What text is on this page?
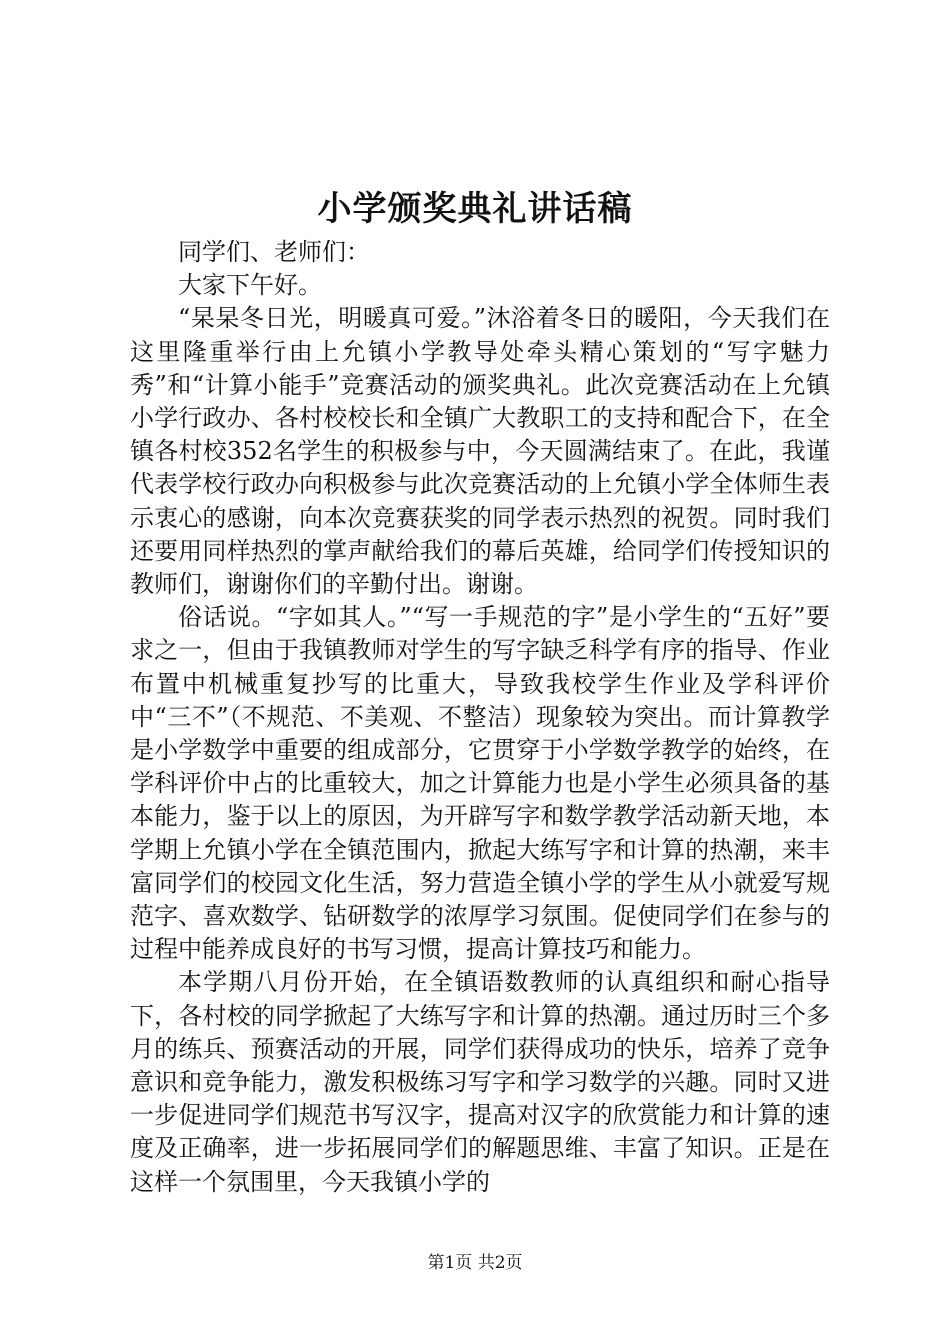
小学颁奖典礼讲话稿

同学们、老师们：

大家下午好。

“杲杲冬日光，明暖真可爱。”沐浴着冬日的暖阳，今天我们在这里隆重举行由上允镇小学教导处牵头精心策划的“写字魅力秀”和“计算小能手”竞赛活动的颁奖典礼。此次竞赛活动在上允镇小学行政办、各村校校长和全镇广大教职工的支持和配合下，在全镇各村校352名学生的积极参与中，今天圆满结束了。在此，我谨代表学校行政办向积极参与此次竞赛活动的上允镇小学全体师生表示衷心的感谢，向本次竞赛获奖的同学表示热烈的祝贺。同时我们还要用同样热烈的掌声献给我们的幕后英雄，给同学们传授知识的教师们，谢谢你们的辛勤付出。谢谢。

俗话说。“字如其人。”“写一手规范的字”是小学生的“五好”要求之一，但由于我镇教师对学生的写字缺乏科学有序的指导、作业布置中机械重复抄写的比重大，导致我校学生作业及学科评价中“三不”（不规范、不美观、不整洁）现象较为突出。而计算教学是小学数学中重要的组成部分，它贯穿于小学数学教学的始终，在学科评价中占的比重较大，加之计算能力也是小学生必须具备的基本能力，鉴于以上的原因，为开辟写字和数学教学活动新天地，本学期上允镇小学在全镇范围内，掀起大练写字和计算的热潮，来丰富同学们的校园文化生活，努力营造全镇小学的学生从小就爱写规范字、喜欢数学、钻研数学的浓厚学习氛围。促使同学们在参与的过程中能养成良好的书写习惯，提高计算技巧和能力。

本学期八月份开始，在全镇语数教师的认真组织和耐心指导下，各村校的同学掀起了大练写字和计算的热潮。通过历时三个多月的练兵、预赛活动的开展，同学们获得成功的快乐，培养了竞争意识和竞争能力，激发积极练习写字和学习数学的兴趣。同时又进一步促进同学们规范书写汉字，提高对汉字的欣赏能力和计算的速度及正确率，进一步拓展同学们的解题思维、丰富了知识。正是在这样一个氛围里，今天我镇小学的

第1页 共2页
